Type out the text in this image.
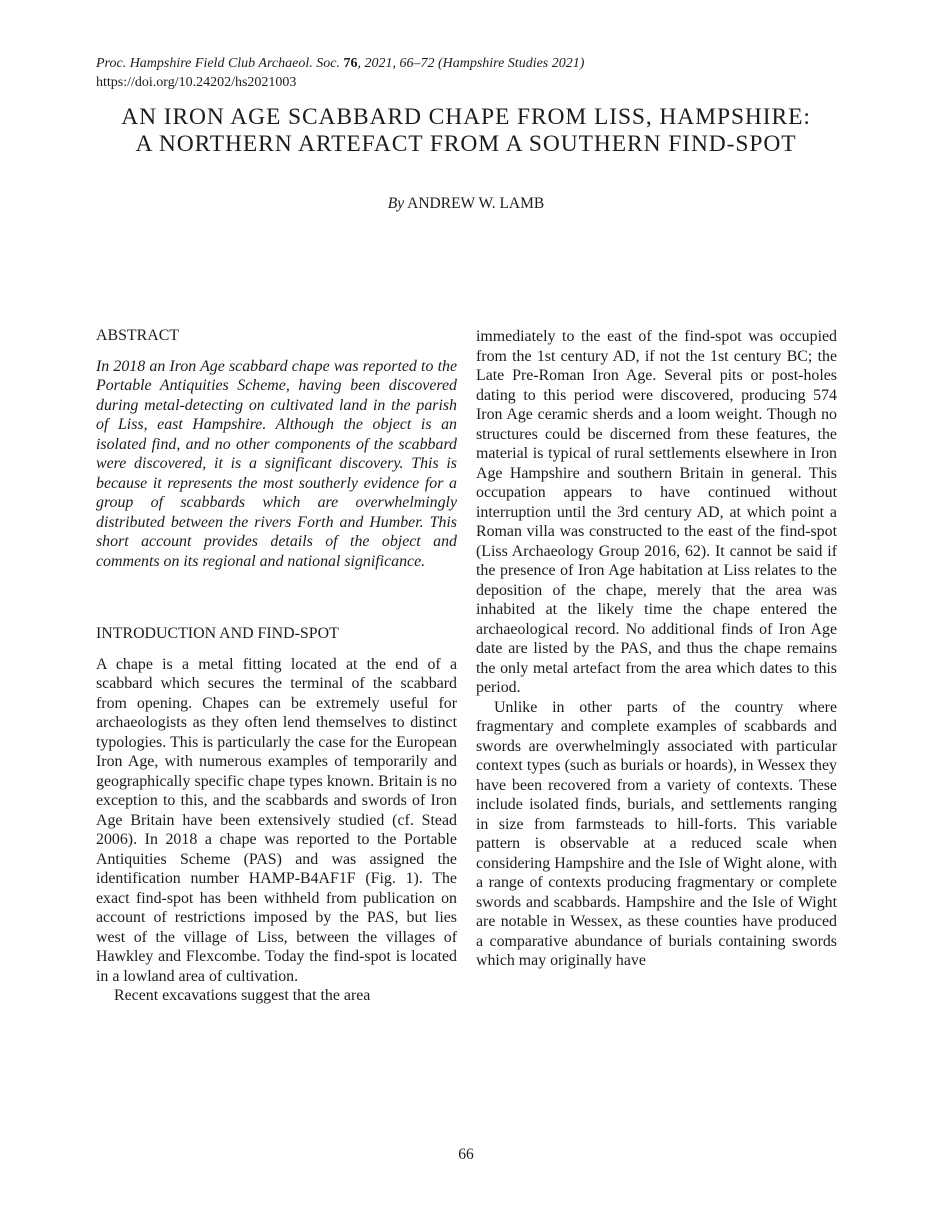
Proc. Hampshire Field Club Archaeol. Soc. 76, 2021, 66–72 (Hampshire Studies 2021)
https://doi.org/10.24202/hs2021003
AN IRON AGE SCABBARD CHAPE FROM LISS, HAMPSHIRE:
A NORTHERN ARTEFACT FROM A SOUTHERN FIND-SPOT
By ANDREW W. LAMB
ABSTRACT

In 2018 an Iron Age scabbard chape was reported to the Portable Antiquities Scheme, having been discovered during metal-detecting on cultivated land in the parish of Liss, east Hampshire. Although the object is an isolated find, and no other components of the scabbard were discovered, it is a significant discovery. This is because it represents the most southerly evidence for a group of scabbards which are overwhelmingly distributed between the rivers Forth and Humber. This short account provides details of the object and comments on its regional and national significance.

INTRODUCTION AND FIND-SPOT

A chape is a metal fitting located at the end of a scabbard which secures the terminal of the scabbard from opening. Chapes can be extremely useful for archaeologists as they often lend themselves to distinct typologies. This is particularly the case for the European Iron Age, with numerous examples of temporarily and geographically specific chape types known. Britain is no exception to this, and the scabbards and swords of Iron Age Britain have been extensively studied (cf. Stead 2006). In 2018 a chape was reported to the Portable Antiquities Scheme (PAS) and was assigned the identification number HAMP-B4AF1F (Fig. 1). The exact find-spot has been withheld from publication on account of restrictions imposed by the PAS, but lies west of the village of Liss, between the villages of Hawkley and Flexcombe. Today the find-spot is located in a lowland area of cultivation.

Recent excavations suggest that the area

immediately to the east of the find-spot was occupied from the 1st century AD, if not the 1st century BC; the Late Pre-Roman Iron Age. Several pits or post-holes dating to this period were discovered, producing 574 Iron Age ceramic sherds and a loom weight. Though no structures could be discerned from these features, the material is typical of rural settlements elsewhere in Iron Age Hampshire and southern Britain in general. This occupation appears to have continued without interruption until the 3rd century AD, at which point a Roman villa was constructed to the east of the find-spot (Liss Archaeology Group 2016, 62). It cannot be said if the presence of Iron Age habitation at Liss relates to the deposition of the chape, merely that the area was inhabited at the likely time the chape entered the archaeological record. No additional finds of Iron Age date are listed by the PAS, and thus the chape remains the only metal artefact from the area which dates to this period.

Unlike in other parts of the country where fragmentary and complete examples of scabbards and swords are overwhelmingly associated with particular context types (such as burials or hoards), in Wessex they have been recovered from a variety of contexts. These include isolated finds, burials, and settlements ranging in size from farmsteads to hill-forts. This variable pattern is observable at a reduced scale when considering Hampshire and the Isle of Wight alone, with a range of contexts producing fragmentary or complete swords and scabbards. Hampshire and the Isle of Wight are notable in Wessex, as these counties have produced a comparative abundance of burials containing swords which may originally have

66
